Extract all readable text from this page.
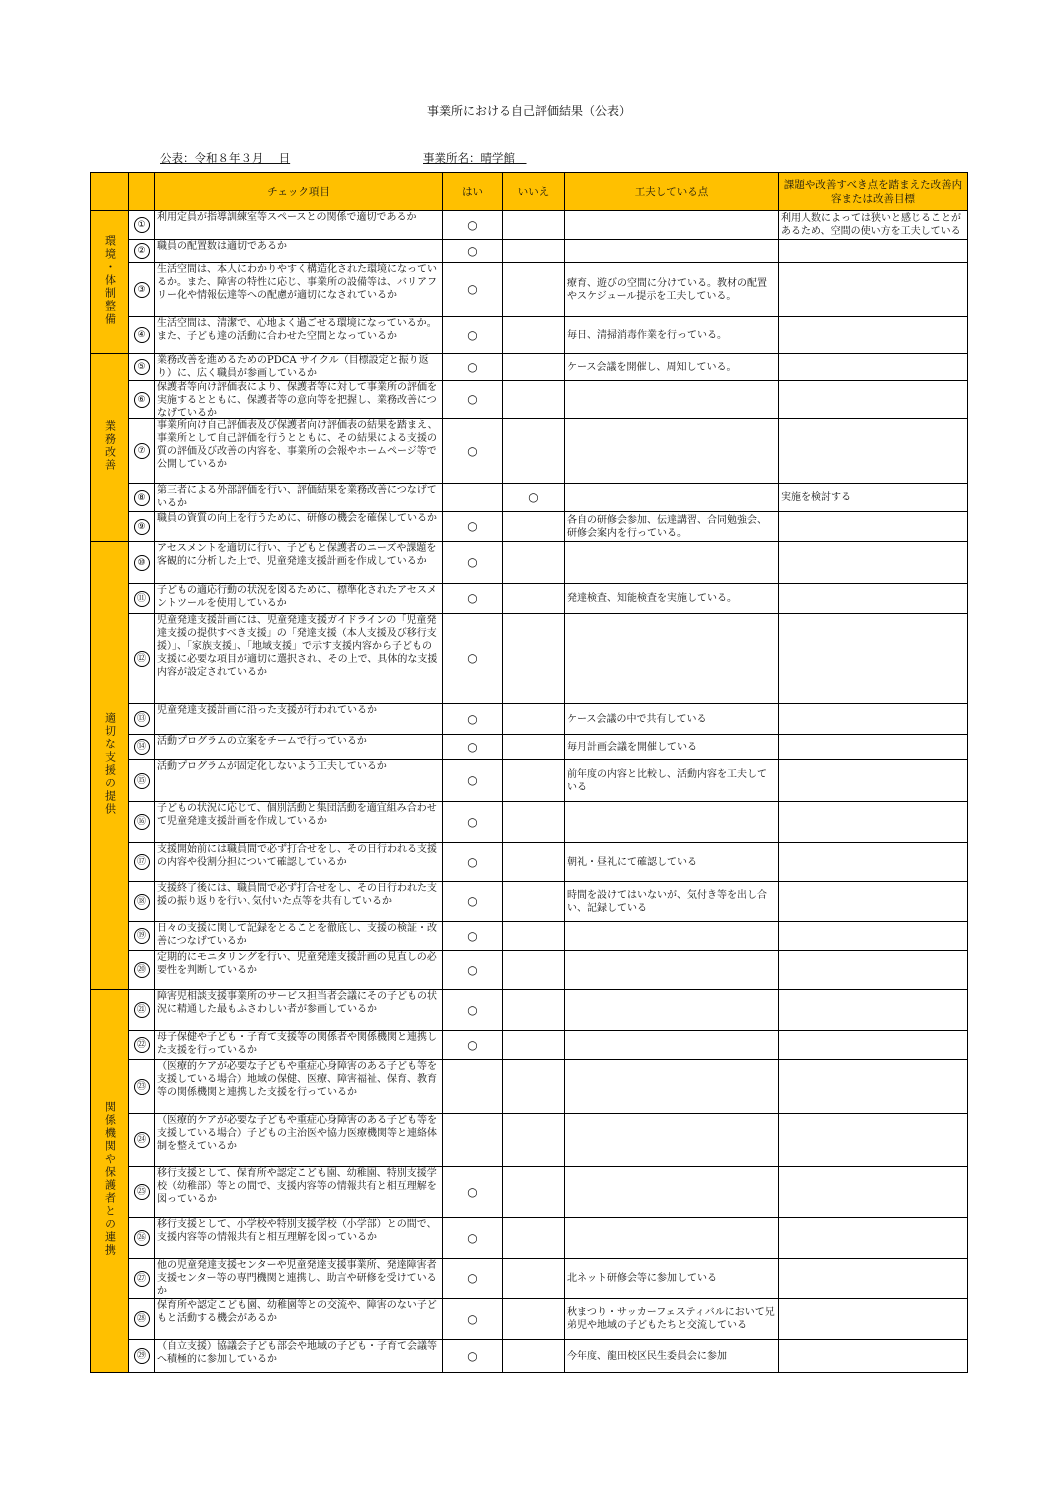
事業所における自己評価結果（公表）
公表：令和８年３月　 日	事業所名：晴学館　
		チェック項目	はい	いいえ	工夫している点	課題や改善すべき点を踏まえた改善内容または改善目標
環境・体制整備	①	利用定員が指導訓練室等スペースとの関係で適切であるか	○			利用人数によっては狭いと感じることがあるため、空間の使い方を工夫している

	②	職員の配置数は適切であるか	○			

	③	生活空間は、本人にわかりやすく構造化された環境になっているか。また、障害の特性に応じ、事業所の設備等は、バリアフリー化や情報伝達等への配慮が適切になされているか	○		療育、遊びの空間に分けている。教材の配置やスケジュール提示を工夫している。	

	④	生活空間は、清潔で、心地よく過ごせる環境になっているか。また、子ども達の活動に合わせた空間となっているか	○		毎日、清掃消毒作業を行っている。	

業務改善	⑤	業務改善を進めるためのPDCA サイクル（目標設定と振り返り）に、広く職員が参画しているか	○		ケース会議を開催し、周知している。	

	⑥	保護者等向け評価表により、保護者等に対して事業所の評価を実施するとともに、保護者等の意向等を把握し、業務改善につなげているか	○			

	⑦	事業所向け自己評価表及び保護者向け評価表の結果を踏まえ、事業所として自己評価を行うとともに、その結果による支援の質の評価及び改善の内容を、事業所の会報やホームページ等で公開しているか	○			

	⑧	第三者による外部評価を行い、評価結果を業務改善につなげているか		○		実施を検討する

	⑨	職員の資質の向上を行うために、研修の機会を確保しているか	○		各自の研修会参加、伝達講習、合同勉強会、研修会案内を行っている。	

適切な支援の提供	⑩	アセスメントを適切に行い、子どもと保護者のニーズや課題を客観的に分析した上で、児童発達支援計画を作成しているか	○			

	⑪	子どもの適応行動の状況を図るために、標準化されたアセスメントツールを使用しているか	○		発達検査、知能検査を実施している。	

	⑫	児童発達支援計画には、児童発達支援ガイドラインの「児童発達支援の提供すべき支援」の「発達支援（本人支援及び移行支援）」、「家族支援」、「地域支援」で示す支援内容から子どもの支援に必要な項目が適切に選択され、その上で、具体的な支援内容が設定されているか	○			

	⑬	児童発達支援計画に沿った支援が行われているか	○		ケース会議の中で共有している	

	⑭	活動プログラムの立案をチームで行っているか	○		毎月計画会議を開催している	

	⑮	活動プログラムが固定化しないよう工夫しているか	○		前年度の内容と比較し、活動内容を工夫している	

	⑯	子どもの状況に応じて、個別活動と集団活動を適宜組み合わせて児童発達支援計画を作成しているか	○			

	⑰	支援開始前には職員間で必ず打合せをし、その日行われる支援の内容や役割分担について確認しているか	○		朝礼・昼礼にて確認している	

	⑱	支援終了後には、職員間で必ず打合せをし、その日行われた支援の振り返りを行い､気付いた点等を共有しているか	○		時間を設けてはいないが、気付き等を出し合い、記録している	

	⑲	日々の支援に関して記録をとることを徹底し、支援の検証・改善につなげているか	○			

	⑳	定期的にモニタリングを行い、児童発達支援計画の見直しの必要性を判断しているか	○			

関係機関や保護者との連携	㉑	障害児相談支援事業所のサービス担当者会議にその子どもの状況に精通した最もふさわしい者が参画しているか	○			

	㉒	母子保健や子ども・子育て支援等の関係者や関係機関と連携した支援を行っているか	○			

	㉓	（医療的ケアが必要な子どもや重症心身障害のある子ども等を支援している場合）地域の保健、医療、障害福祉、保育、教育等の関係機関と連携した支援を行っているか				

	㉔	（医療的ケアが必要な子どもや重症心身障害のある子ども等を支援している場合）子どもの主治医や協力医療機関等と連絡体制を整えているか				

	㉕	移行支援として、保育所や認定こども園、幼稚園、特別支援学校（幼稚部）等との間で、支援内容等の情報共有と相互理解を図っているか	○			

	㉖	移行支援として、小学校や特別支援学校（小学部）との間で、支援内容等の情報共有と相互理解を図っているか	○			

	㉗	他の児童発達支援センターや児童発達支援事業所、発達障害者支援センター等の専門機関と連携し、助言や研修を受けているか	○		北ネット研修会等に参加している	

	㉘	保育所や認定こども園、幼稚園等との交流や、障害のない子どもと活動する機会があるか	○		秋まつり・サッカーフェスティバルにおいて兄弟児や地域の子どもたちと交流している	

	㉙	（自立支援）協議会子ども部会や地域の子ども・子育て会議等へ積極的に参加しているか	○		今年度、龍田校区民生委員会に参加	
